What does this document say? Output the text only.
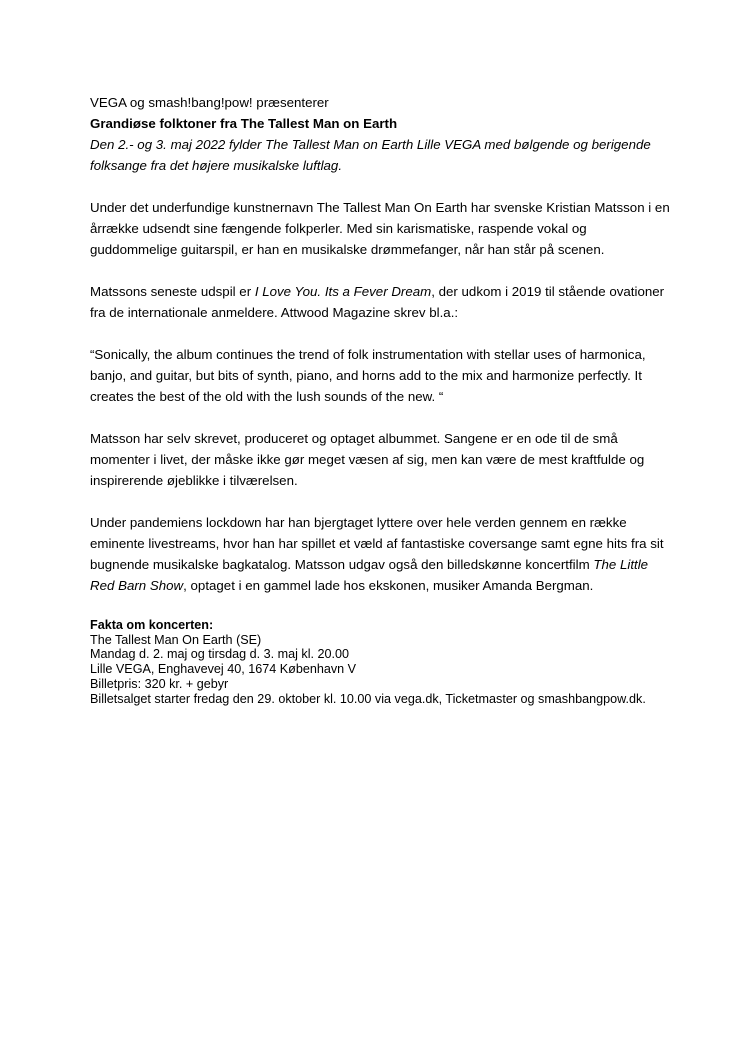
VEGA og smash!bang!pow! præsenterer

Grandiøse folktoner fra The Tallest Man on Earth

Den 2.- og 3. maj 2022 fylder The Tallest Man on Earth Lille VEGA med bølgende og berigende folksange fra det højere musikalske luftlag.

Under det underfundige kunstnernavn The Tallest Man On Earth har svenske Kristian Matsson i en årrække udsendt sine fængende folkperler. Med sin karismatiske, raspende vokal og guddommelige guitarspil, er han en musikalske drømmefanger, når han står på scenen.

Matssons seneste udspil er I Love You. Its a Fever Dream, der udkom i 2019 til stående ovationer fra de internationale anmeldere. Attwood Magazine skrev bl.a.:

“Sonically, the album continues the trend of folk instrumentation with stellar uses of harmonica, banjo, and guitar, but bits of synth, piano, and horns add to the mix and harmonize perfectly. It creates the best of the old with the lush sounds of the new. “

Matsson har selv skrevet, produceret og optaget albummet. Sangene er en ode til de små momenter i livet, der måske ikke gør meget væsen af sig, men kan være de mest kraftfulde og inspirerende øjeblikke i tilværelsen.

Under pandemiens lockdown har han bjergtaget lyttere over hele verden gennem en række eminente livestreams, hvor han har spillet et væld af fantastiske coversange samt egne hits fra sit bugnende musikalske bagkatalog. Matsson udgav også den billedskønne koncertfilm The Little Red Barn Show, optaget i en gammel lade hos ekskonen, musiker Amanda Bergman.

Fakta om koncerten:

The Tallest Man On Earth (SE)

Mandag d. 2. maj og tirsdag d. 3. maj kl. 20.00

Lille VEGA, Enghavevej 40, 1674 København V

Billetpris: 320 kr. + gebyr

Billetsalget starter fredag den 29. oktober kl. 10.00 via vega.dk, Ticketmaster og smashbangpow.dk.
